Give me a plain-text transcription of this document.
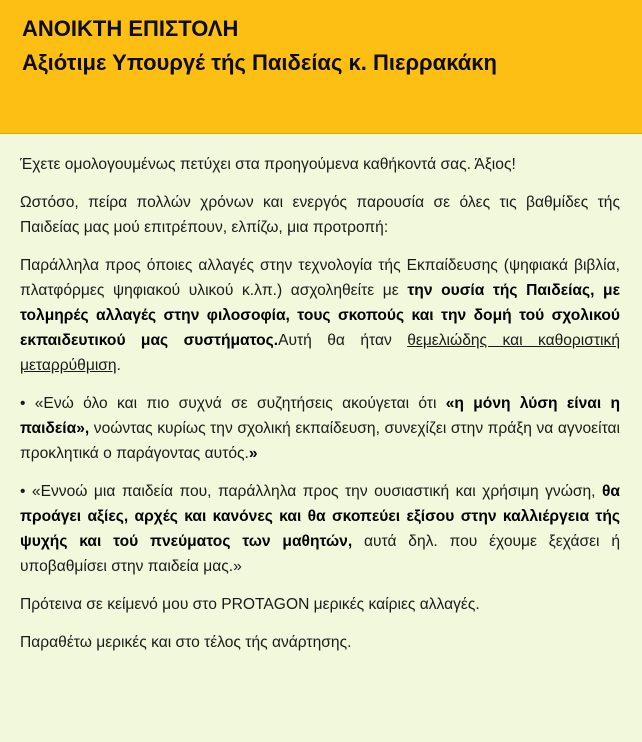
ΑΝΟΙΚΤΗ ΕΠΙΣΤΟΛΗ
Αξιότιμε Υπουργέ τής Παιδείας κ. Πιερρακάκη

Έχετε ομολογουμένως πετύχει στα προηγούμενα καθήκοντά σας. Άξιος!

Ωστόσο, πείρα πολλών χρόνων και ενεργός παρουσία σε όλες τις βαθμίδες τής Παιδείας μας μού επιτρέπουν, ελπίζω, μια προτροπή:

Παράλληλα προς όποιες αλλαγές στην τεχνολογία τής Εκπαίδευσης (ψηφιακά βιβλία, πλατφόρμες ψηφιακού υλικού κ.λπ.) ασχοληθείτε με την ουσία τής Παιδείας, με τολμηρές αλλαγές στην φιλοσοφία, τους σκοπούς και την δομή τού σχολικού εκπαιδευτικού μας συστήματος.Αυτή θα ήταν θεμελιώδης και καθοριστική μεταρρύθμιση.

• «Ενώ όλο και πιο συχνά σε συζητήσεις ακούγεται ότι «η μόνη λύση είναι η παιδεία», νοώντας κυρίως την σχολική εκπαίδευση, συνεχίζει στην πράξη να αγνοείται προκλητικά ο παράγοντας αυτός.»

• «Εννοώ μια παιδεία που, παράλληλα προς την ουσιαστική και χρήσιμη γνώση, θα προάγει αξίες, αρχές και κανόνες και θα σκοπεύει εξίσου στην καλλιέργεια τής ψυχής και τού πνεύματος των μαθητών, αυτά δηλ. που έχουμε ξεχάσει ή υποβαθμίσει στην παιδεία μας.»

Πρότεινα σε κείμενό μου στο PROTAGON μερικές καίριες αλλαγές.

Παραθέτω μερικές και στο τέλος τής ανάρτησης.
